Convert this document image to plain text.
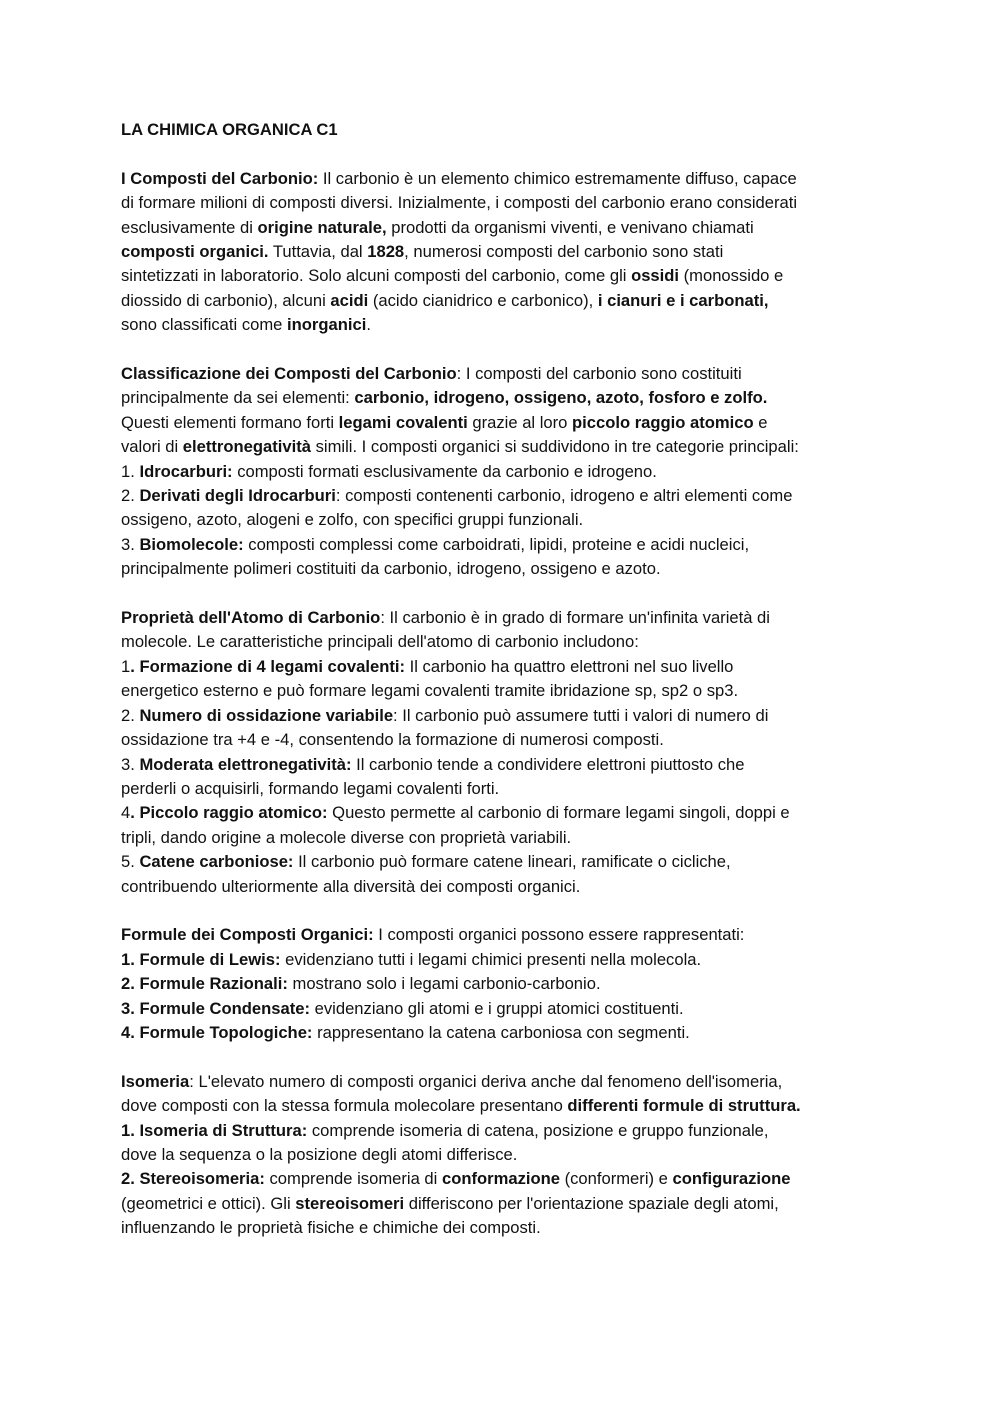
LA CHIMICA ORGANICA C1
I Composti del Carbonio: Il carbonio è un elemento chimico estremamente diffuso, capace
di formare milioni di composti diversi. Inizialmente, i composti del carbonio erano considerati
esclusivamente di origine naturale, prodotti da organismi viventi, e venivano chiamati
composti organici. Tuttavia, dal 1828, numerosi composti del carbonio sono stati
sintetizzati in laboratorio. Solo alcuni composti del carbonio, come gli ossidi (monossido e
diossido di carbonio), alcuni acidi (acido cianidrico e carbonico), i cianuri e i carbonati,
sono classificati come inorganici.
Classificazione dei Composti del Carbonio: I composti del carbonio sono costituiti
principalmente da sei elementi: carbonio, idrogeno, ossigeno, azoto, fosforo e zolfo.
Questi elementi formano forti legami covalenti grazie al loro piccolo raggio atomico e
valori di elettronegatività simili. I composti organici si suddividono in tre categorie principali:
1. Idrocarburi: composti formati esclusivamente da carbonio e idrogeno.
2. Derivati degli Idrocarburi: composti contenenti carbonio, idrogeno e altri elementi come
ossigeno, azoto, alogeni e zolfo, con specifici gruppi funzionali.
3. Biomolecole: composti complessi come carboidrati, lipidi, proteine e acidi nucleici,
principalmente polimeri costituiti da carbonio, idrogeno, ossigeno e azoto.
Proprietà dell'Atomo di Carbonio: Il carbonio è in grado di formare un'infinita varietà di
molecole. Le caratteristiche principali dell'atomo di carbonio includono:
1. Formazione di 4 legami covalenti: Il carbonio ha quattro elettroni nel suo livello
energetico esterno e può formare legami covalenti tramite ibridazione sp, sp2 o sp3.
2. Numero di ossidazione variabile: Il carbonio può assumere tutti i valori di numero di
ossidazione tra +4 e -4, consentendo la formazione di numerosi composti.
3. Moderata elettronegatività: Il carbonio tende a condividere elettroni piuttosto che
perderli o acquisirli, formando legami covalenti forti.
4. Piccolo raggio atomico: Questo permette al carbonio di formare legami singoli, doppi e
tripli, dando origine a molecole diverse con proprietà variabili.
5. Catene carboniose: Il carbonio può formare catene lineari, ramificate o cicliche,
contribuendo ulteriormente alla diversità dei composti organici.
Formule dei Composti Organici: I composti organici possono essere rappresentati:
1. Formule di Lewis: evidenziano tutti i legami chimici presenti nella molecola.
2. Formule Razionali: mostrano solo i legami carbonio-carbonio.
3. Formule Condensate: evidenziano gli atomi e i gruppi atomici costituenti.
4. Formule Topologiche: rappresentano la catena carboniosa con segmenti.
Isomeria: L'elevato numero di composti organici deriva anche dal fenomeno dell'isomeria,
dove composti con la stessa formula molecolare presentano differenti formule di struttura.
1. Isomeria di Struttura: comprende isomeria di catena, posizione e gruppo funzionale,
dove la sequenza o la posizione degli atomi differisce.
2. Stereoisomeria: comprende isomeria di conformazione (conformeri) e configurazione
(geometrici e ottici). Gli stereoisomeri differiscono per l'orientazione spaziale degli atomi,
influenzando le proprietà fisiche e chimiche dei composti.
